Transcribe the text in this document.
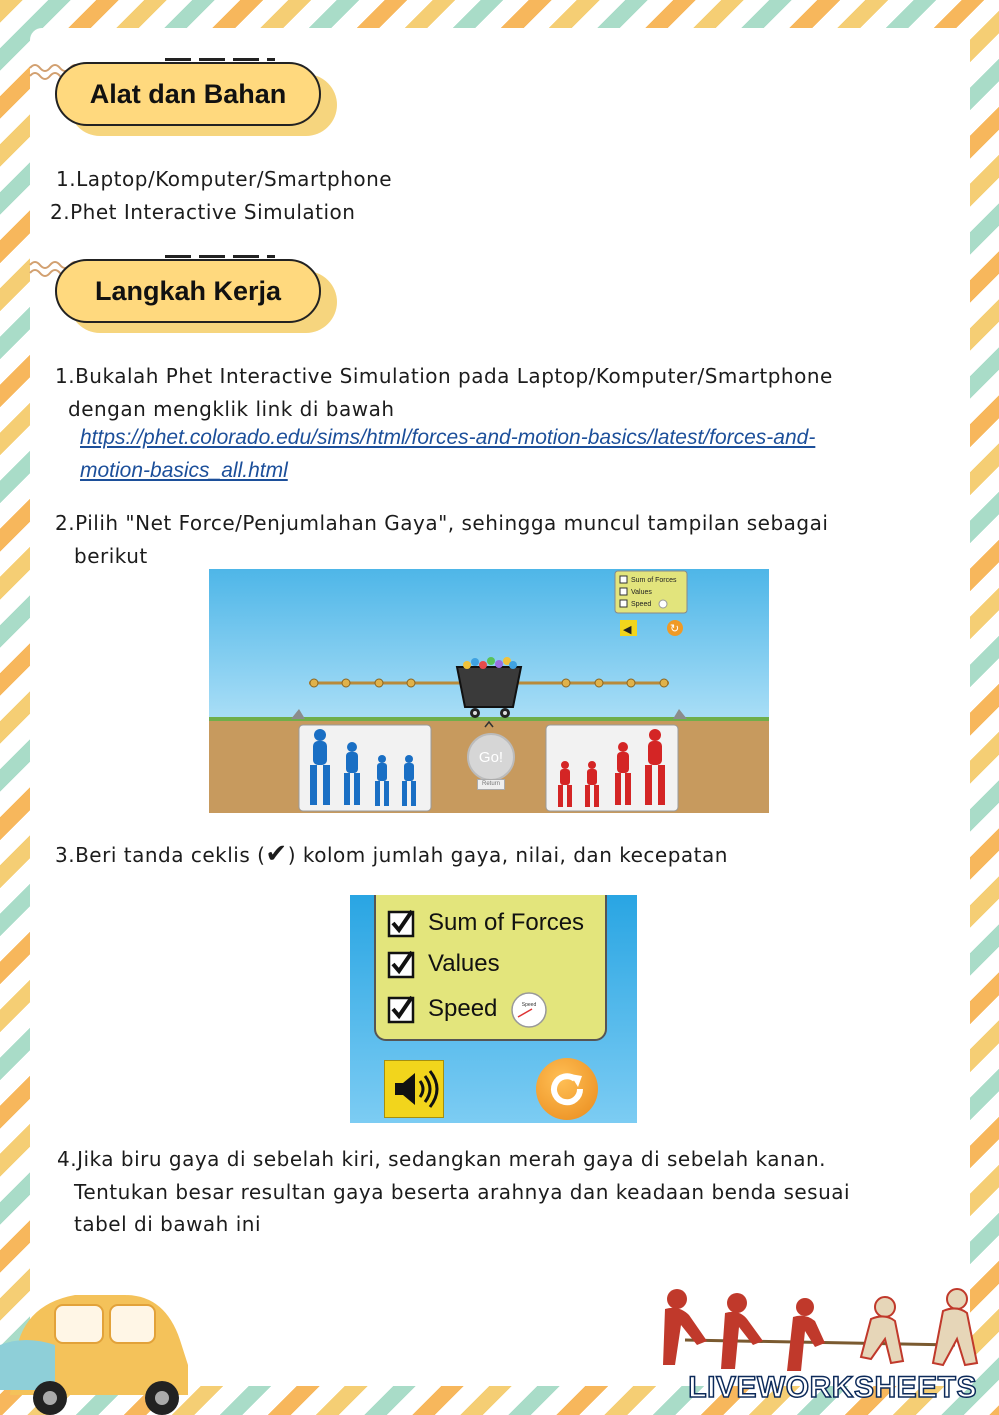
Alat dan Bahan
1.Laptop/Komputer/Smartphone
2.Phet Interactive Simulation
Langkah Kerja
1.Bukalah Phet Interactive Simulation pada Laptop/Komputer/Smartphone
dengan mengklik link di bawah
https://phet.colorado.edu/sims/html/forces-and-motion-basics/latest/forces-and-
motion-basics_all.html
2.Pilih "Net Force/Penjumlahan Gaya", sehingga muncul tampilan sebagai
berikut
Sum of Forces
Values
Speed
◀	↻
Go!
Return
3.Beri tanda ceklis (✔) kolom jumlah gaya, nilai, dan kecepatan
Sum of Forces
Values
Speed	Speed
4.Jika biru gaya di sebelah kiri, sedangkan merah gaya di sebelah kanan.
Tentukan besar resultan gaya beserta arahnya dan keadaan benda sesuai
tabel di bawah ini
LIVEWORKSHEETS
